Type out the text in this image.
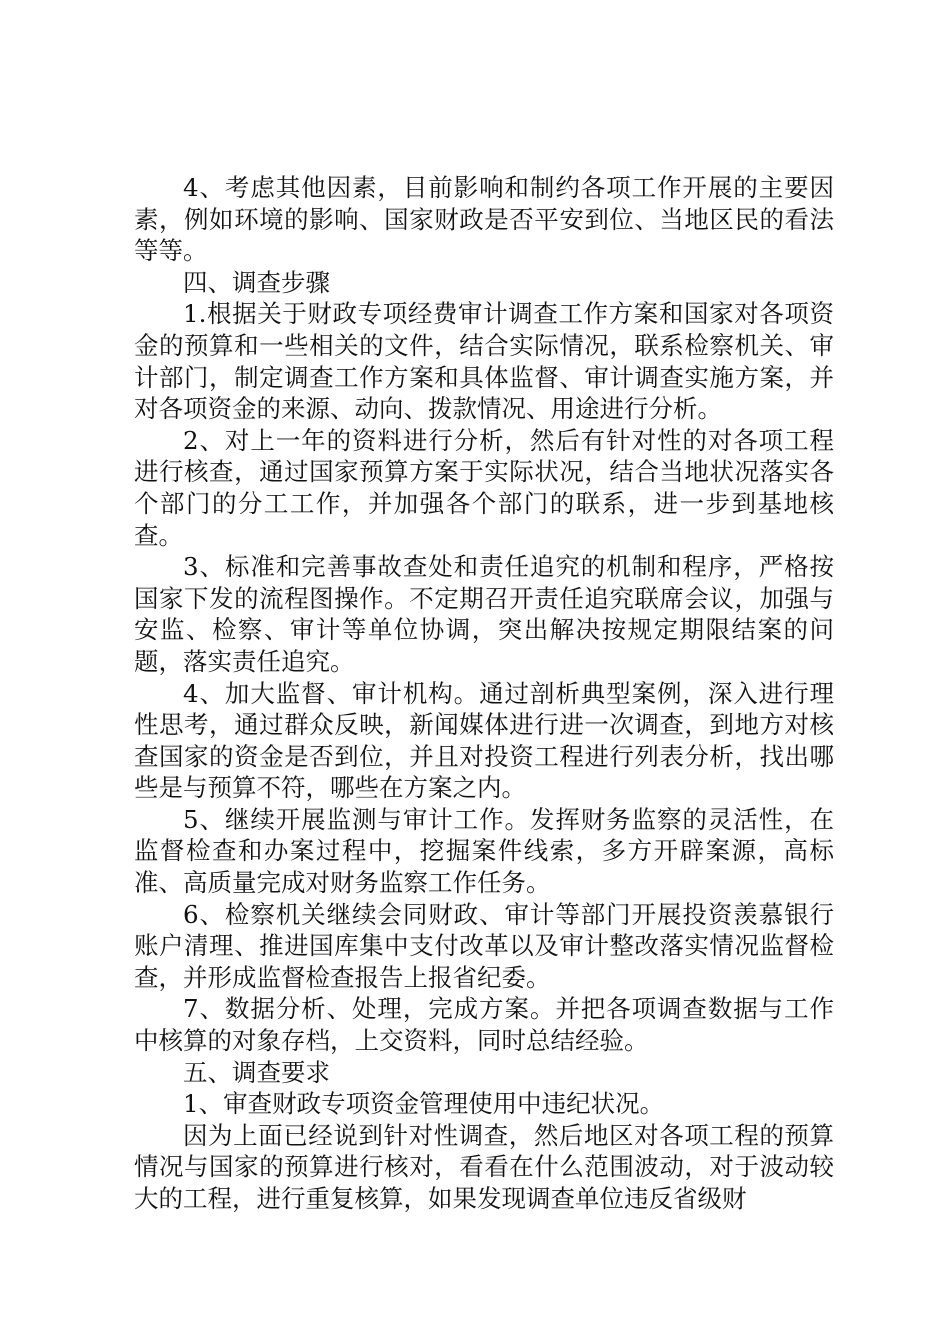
4、考虑其他因素，目前影响和制约各项工作开展的主要因素，例如环境的影响、国家财政是否平安到位、当地区民的看法等等。

四、调查步骤

1.根据关于财政专项经费审计调查工作方案和国家对各项资金的预算和一些相关的文件，结合实际情况，联系检察机关、审计部门，制定调查工作方案和具体监督、审计调查实施方案，并对各项资金的来源、动向、拨款情况、用途进行分析。

2、对上一年的资料进行分析，然后有针对性的对各项工程进行核查，通过国家预算方案于实际状况，结合当地状况落实各个部门的分工工作，并加强各个部门的联系，进一步到基地核查。

3、标准和完善事故查处和责任追究的机制和程序，严格按国家下发的流程图操作。不定期召开责任追究联席会议，加强与安监、检察、审计等单位协调，突出解决按规定期限结案的问题，落实责任追究。

4、加大监督、审计机构。通过剖析典型案例，深入进行理性思考，通过群众反映，新闻媒体进行进一次调查，到地方对核查国家的资金是否到位，并且对投资工程进行列表分析，找出哪些是与预算不符，哪些在方案之内。

5、继续开展监测与审计工作。发挥财务监察的灵活性，在监督检查和办案过程中，挖掘案件线索，多方开辟案源，高标准、高质量完成对财务监察工作任务。

6、检察机关继续会同财政、审计等部门开展投资羡慕银行账户清理、推进国库集中支付改革以及审计整改落实情况监督检查，并形成监督检查报告上报省纪委。

7、数据分析、处理，完成方案。并把各项调查数据与工作中核算的对象存档，上交资料，同时总结经验。

五、调查要求

1、审查财政专项资金管理使用中违纪状况。

因为上面已经说到针对性调查，然后地区对各项工程的预算情况与国家的预算进行核对，看看在什么范围波动，对于波动较大的工程，进行重复核算，如果发现调查单位违反省级财
